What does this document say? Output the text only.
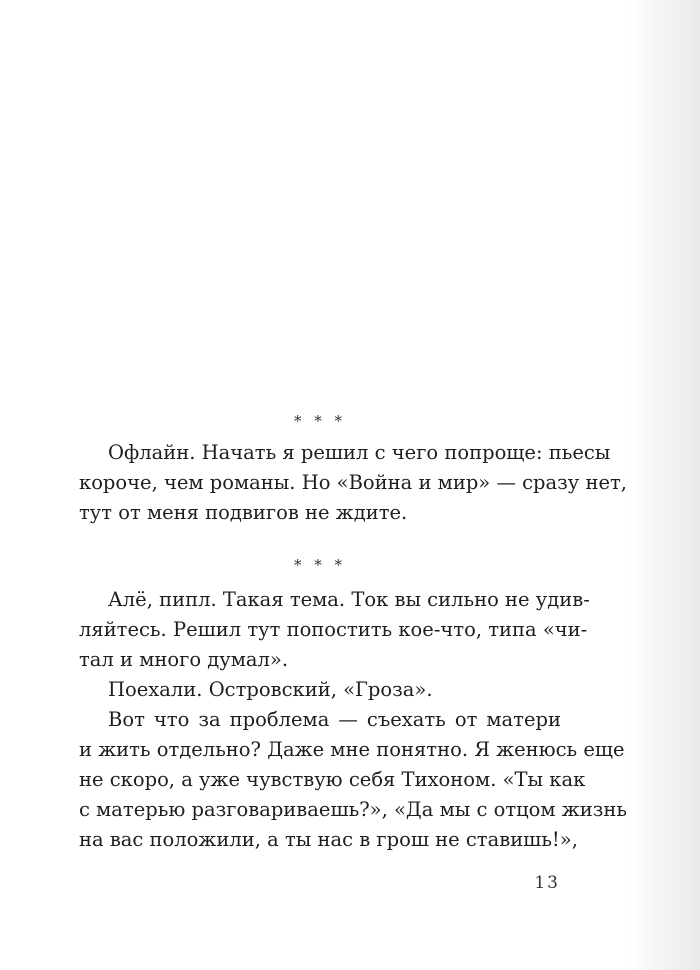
* * *
Офлайн. Начать я решил с чего попроще: пьесы
короче, чем романы. Но «Война и мир» — сразу нет,
тут от меня подвигов не ждите.
* * *
Алё, пипл. Такая тема. Ток вы сильно не удив-
ляйтесь. Решил тут попостить кое-что, типа «чи-
тал и много думал».
Поехали. Островский, «Гроза».
Вот что за проблема — съехать от матери
и жить отдельно? Даже мне понятно. Я женюсь еще
не скоро, а уже чувствую себя Тихоном. «Ты как
с матерью разговариваешь?», «Да мы с отцом жизнь
на вас положили, а ты нас в грош не ставишь!»,
13
